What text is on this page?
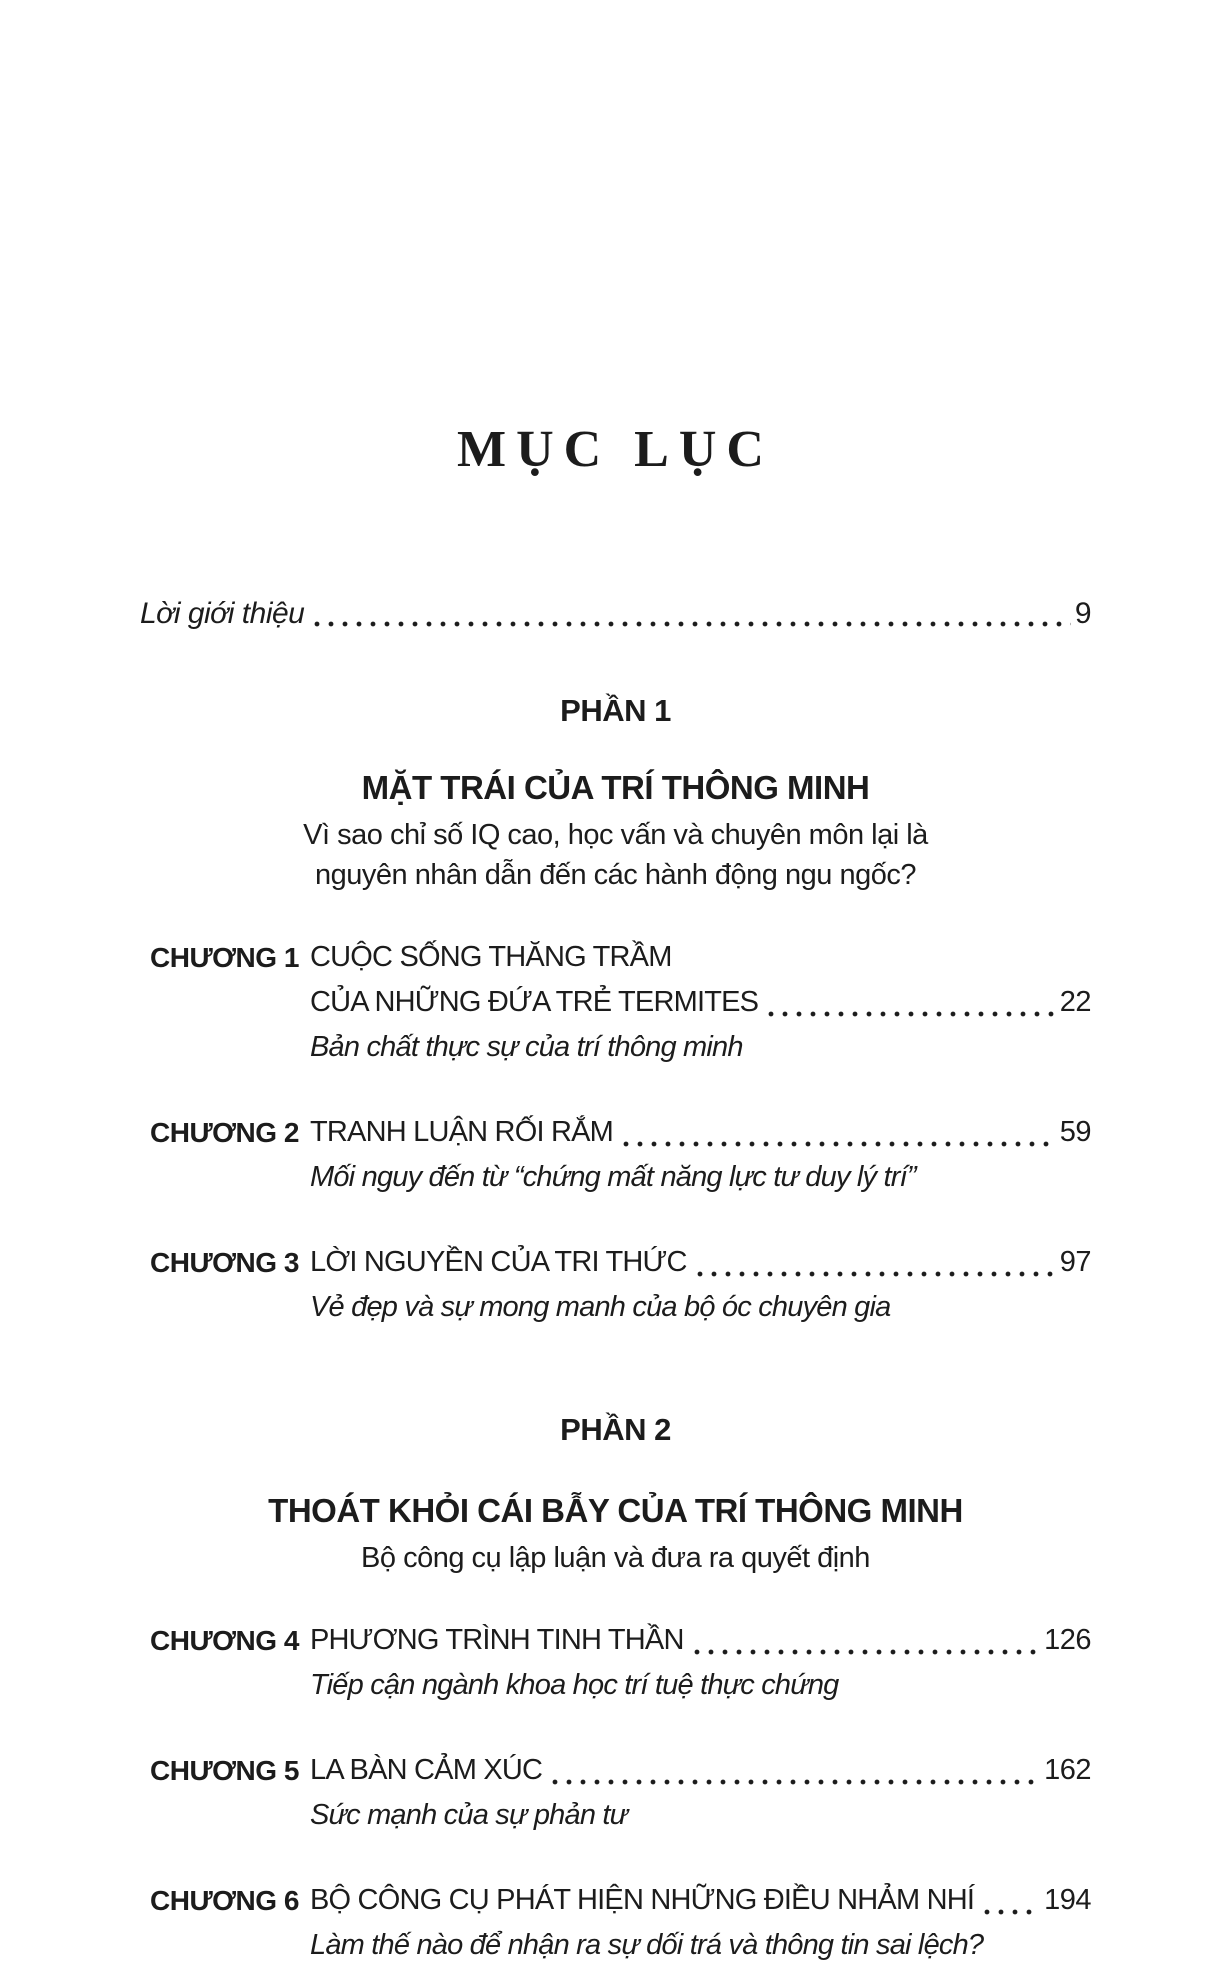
MỤC LỤC
Lời giới thiệu	9
PHẦN 1
MẶT TRÁI CỦA TRÍ THÔNG MINH
Vì sao chỉ số IQ cao, học vấn và chuyên môn lại là
nguyên nhân dẫn đến các hành động ngu ngốc?
CHƯƠNG 1 CUỘC SỐNG THĂNG TRẦM
CỦA NHỮNG ĐỨA TRẺ TERMITES	22
Bản chất thực sự của trí thông minh
CHƯƠNG 2 TRANH LUẬN RỐI RẮM	59
Mối nguy đến từ “chứng mất năng lực tư duy lý trí”
CHƯƠNG 3 LỜI NGUYỀN CỦA TRI THỨC	97
Vẻ đẹp và sự mong manh của bộ óc chuyên gia
PHẦN 2
THOÁT KHỎI CÁI BẪY CỦA TRÍ THÔNG MINH
Bộ công cụ lập luận và đưa ra quyết định
CHƯƠNG 4 PHƯƠNG TRÌNH TINH THẦN	126
Tiếp cận ngành khoa học trí tuệ thực chứng
CHƯƠNG 5 LA BÀN CẢM XÚC	162
Sức mạnh của sự phản tư
CHƯƠNG 6 BỘ CÔNG CỤ PHÁT HIỆN NHỮNG ĐIỀU NHẢM NHÍ 194
Làm thế nào để nhận ra sự dối trá và thông tin sai lệch?
